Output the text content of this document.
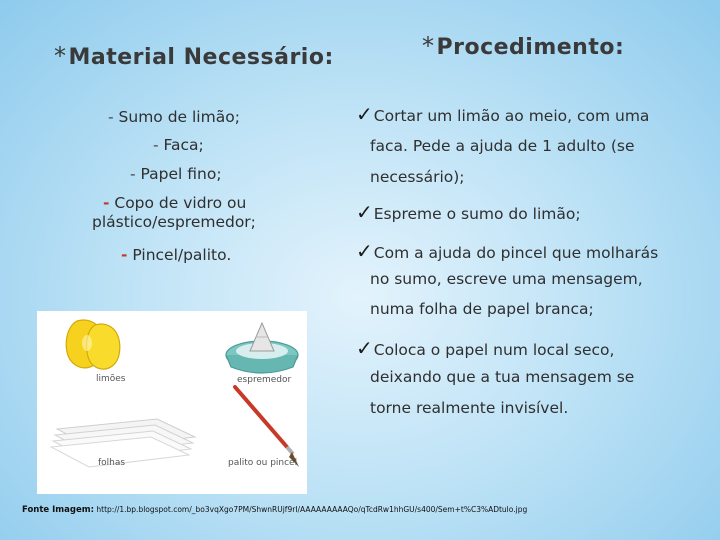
*Material Necessário:	*Procedimento:
- Sumo de limão;
- Faca;
- Papel fino;
- Copo de vidro ou
plástico/espremedor;
- Pincel/palito.
✓Cortar um limão ao meio, com uma
faca. Pede a ajuda de 1 adulto (se
necessário);
✓Espreme o sumo do limão;
✓Com a ajuda do pincel que molharás
no sumo, escreve uma mensagem,
numa folha de papel branca;
✓Coloca o papel num local seco,
deixando que a tua mensagem se
torne realmente invisível.
limões	espremedor
folhas	palito ou pincel
Fonte Imagem: http://1.bp.blogspot.com/_bo3vqXgo7PM/ShwnRUjf9rI/AAAAAAAAAQo/qTcdRw1hhGU/s400/Sem+t%C3%ADtulo.jpg
